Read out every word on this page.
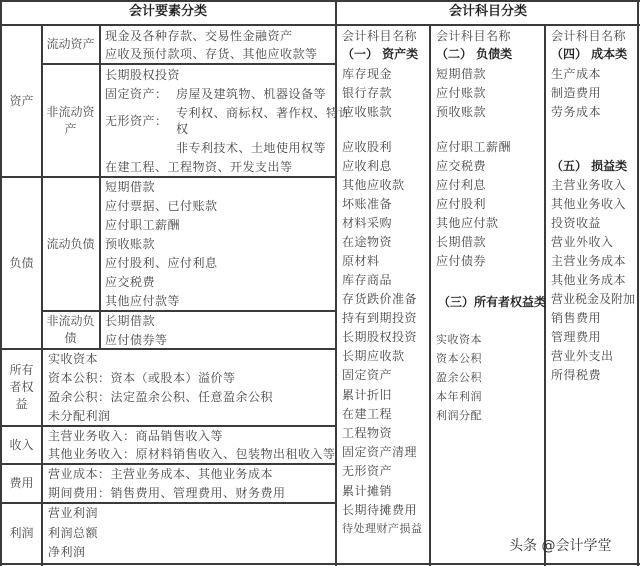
会计要素分类	会计科目分类
资产
流动资产
现金及各种存款、交易性金融资产
应收及预付款项、存货、其他应收款等
非流动资
产
长期股权投资
固定资产： 房屋及建筑物、机器设备等
无形资产：
专利权、商标权、著作权、特许
权
非专利技术、土地使用权等
在建工程、工程物资、开发支出等
负债
流动负债
短期借款
应付票据、已付账款
应付职工薪酬
预收账款
应付股利、应付利息
应交税费
其他应付款等
非流动负
债
长期借款
应付债券等
所有
者权
益
实收资本
资本公积：资本（或股本）溢价等
盈余公积：法定盈余公积、任意盈余公积
未分配利润
收入
主营业务收入：商品销售收入等
其他业务收入：原材料销售收入、包装物出租收入等
费用
营业成本：主营业务成本、其他业务成本
期间费用：销售费用、管理费用、财务费用
利润
营业利润
利润总额
净利润
会计科目名称
（一） 资产类
库存现金
银行存款
应收账款
应收股利
应收利息
其他应收款
坏账准备
材料采购
在途物资
原材料
库存商品
存货跌价准备
持有到期投资
长期股权投资
长期应收款
固定资产
累计折旧
在建工程
工程物资
固定资产清理
无形资产
累计摊销
长期待摊费用
待处理财产损益
会计科目名称
（二） 负债类
短期借款
应付账款
预收账款
应付职工薪酬
应交税费
应付利息
应付股利
其他应付款
长期借款
应付债券
（三）所有者权益类
实收资本
资本公积
盈余公积
本年利润
利润分配
会计科目名称
（四） 成本类
生产成本
制造费用
劳务成本
（五） 损益类
主营业务收入
其他业务收入
投资收益
营业外收入
主营业务成本
其他业务成本
营业税金及附加
销售费用
管理费用
营业外支出
所得税费
头条 @会计学堂
